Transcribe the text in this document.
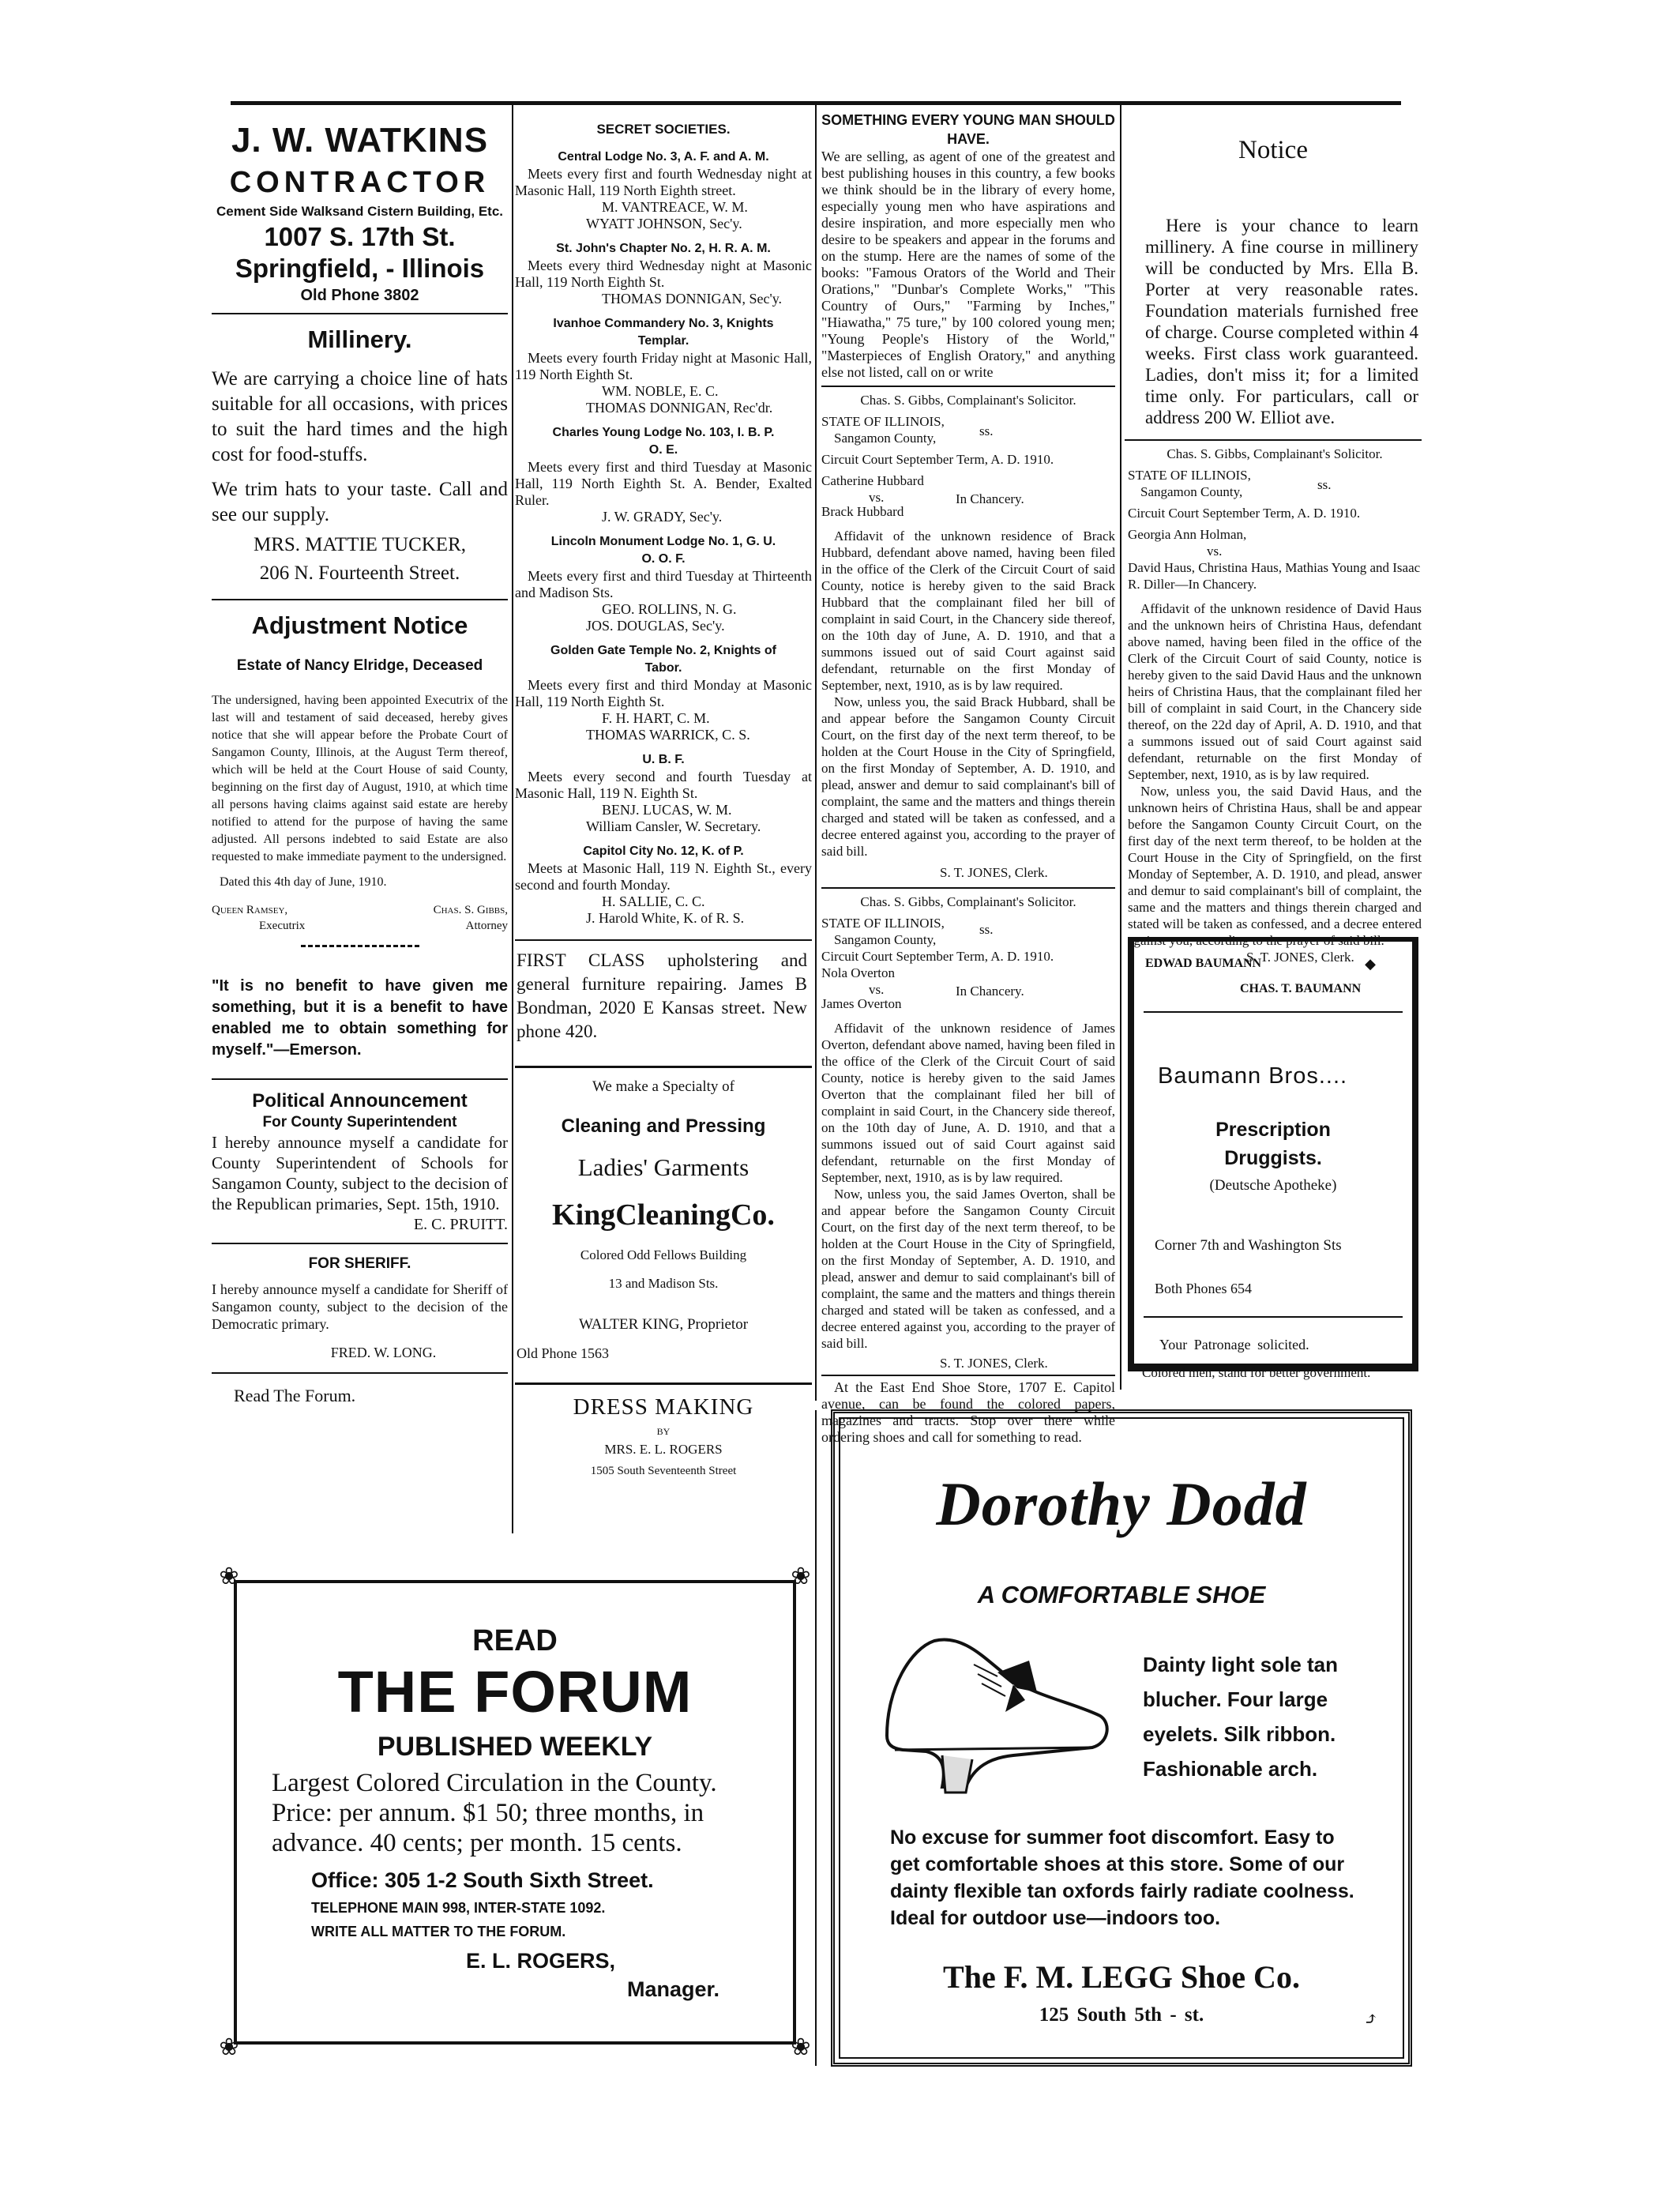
J. W. WATKINS

CONTRACTOR

Cement Side Walksand Cistern Building, Etc.

1007 S. 17th St.

Springfield, - Illinois

Old Phone 3802

Millinery.

We are carrying a choice line of hats suitable for all occasions, with prices to suit the hard times and the high cost for food-stuffs.

We trim hats to your taste. Call and see our supply.

MRS. MATTIE TUCKER,

206 N. Fourteenth Street.

Adjustment Notice

Estate of Nancy Elridge, Deceased

The undersigned, having been appointed Executrix of the last will and testament of said deceased, hereby gives notice that she will appear before the Probate Court of Sangamon County, Illinois, at the August Term thereof, which will be held at the Court House of said County, beginning on the first day of August, 1910, at which time all persons having claims against said estate are hereby notified to attend for the purpose of having the same adjusted. All persons indebted to said Estate are also requested to make immediate payment to the undersigned.

Dated this 4th day of June, 1910.

Queen Ramsey,

Executrix

Chas. S. Gibbs,

Attorney

"It is no benefit to have given me something, but it is a benefit to have enabled me to obtain something for myself."—Emerson.

Political Announcement

For County Superintendent

I hereby announce myself a candidate for County Superintendent of Schools for Sangamon County, subject to the decision of the Republican primaries, Sept. 15th, 1910.

E. C. PRUITT.

FOR SHERIFF.

I hereby announce myself a candidate for Sheriff of Sangamon county, subject to the decision of the Democratic primary.

FRED. W. LONG.

Read The Forum.

SECRET SOCIETIES.

Central Lodge No. 3, A. F. and A. M.

Meets every first and fourth Wednesday night at Masonic Hall, 119 North Eighth street.

M. VANTREACE, W. M.

WYATT JOHNSON, Sec'y.

St. John's Chapter No. 2, H. R. A. M.

Meets every third Wednesday night at Masonic Hall, 119 North Eighth St.

THOMAS DONNIGAN, Sec'y.

Ivanhoe Commandery No. 3, Knights Templar.

Meets every fourth Friday night at Masonic Hall, 119 North Eighth St.

WM. NOBLE, E. C.

THOMAS DONNIGAN, Rec'dr.

Charles Young Lodge No. 103, I. B. P. O. E.

Meets every first and third Tuesday at Masonic Hall, 119 North Eighth St. A. Bender, Exalted Ruler.

J. W. GRADY, Sec'y.

Lincoln Monument Lodge No. 1, G. U. O. O. F.

Meets every first and third Tuesday at Thirteenth and Madison Sts.

GEO. ROLLINS, N. G.

JOS. DOUGLAS, Sec'y.

Golden Gate Temple No. 2, Knights of Tabor.

Meets every first and third Monday at Masonic Hall, 119 North Eighth St.

F. H. HART, C. M.

THOMAS WARRICK, C. S.

U. B. F.

Meets every second and fourth Tuesday at Masonic Hall, 119 N. Eighth St.

BENJ. LUCAS, W. M.

William Cansler, W. Secretary.

Capitol City No. 12, K. of P.

Meets at Masonic Hall, 119 N. Eighth St., every second and fourth Monday.

H. SALLIE, C. C.

J. Harold White, K. of R. S.

FIRST CLASS upholstering and general furniture repairing. James B Bondman, 2020 E Kansas street. New phone 420.

We make a Specialty of

Cleaning and Pressing

Ladies' Garments

KingCleaningCo.

Colored Odd Fellows Building

13 and Madison Sts.

WALTER KING, Proprietor

Old Phone 1563

DRESS MAKING

BY

MRS. E. L. ROGERS

1505 South Seventeenth Street

SOMETHING EVERY YOUNG MAN SHOULD HAVE.

We are selling, as agent of one of the greatest and best publishing houses in this country, a few books we think should be in the library of every home, especially young men who have aspirations and desire inspiration, and more especially men who desire to be speakers and appear in the forums and on the stump. Here are the names of some of the books: "Famous Orators of the World and Their Orations," "Dunbar's Complete Works," "This Country of Ours," "Farming by Inches," "Hiawatha," 75 ture," by 100 colored young men; "Young People's History of the World," "Masterpieces of English Oratory," and anything else not listed, call on or write

Chas. S. Gibbs, Complainant's Solicitor.

STATE OF ILLINOIS,

Sangamon County,	ss.

Circuit Court September Term, A. D. 1910.

Catherine Hubbard

vs.	In Chancery.

Brack Hubbard

Affidavit of the unknown residence of Brack Hubbard, defendant above named, having been filed in the office of the Clerk of the Circuit Court of said County, notice is hereby given to the said Brack Hubbard that the complainant filed her bill of complaint in said Court, in the Chancery side thereof, on the 10th day of June, A. D. 1910, and that a summons issued out of said Court against said defendant, returnable on the first Monday of September, next, 1910, as is by law required.

Now, unless you, the said Brack Hubbard, shall be and appear before the Sangamon County Circuit Court, on the first day of the next term thereof, to be holden at the Court House in the City of Springfield, on the first Monday of September, A. D. 1910, and plead, answer and demur to said complainant's bill of complaint, the same and the matters and things therein charged and stated will be taken as confessed, and a decree entered against you, according to the prayer of said bill.

S. T. JONES, Clerk.

Chas. S. Gibbs, Complainant's Solicitor.

STATE OF ILLINOIS,

Sangamon County,

ss.

Circuit Court September Term, A. D. 1910.

Nola Overton

vs.	In Chancery.

James Overton

Affidavit of the unknown residence of James Overton, defendant above named, having been filed in the office of the Clerk of the Circuit Court of said County, notice is hereby given to the said James Overton that the complainant filed her bill of complaint in said Court, in the Chancery side thereof, on the 10th day of June, A. D. 1910, and that a summons issued out of said Court against said defendant, returnable on the first Monday of September, next, 1910, as is by law required.

Now, unless you, the said James Overton, shall be and appear before the Sangamon County Circuit Court, on the first day of the next term thereof, to be holden at the Court House in the City of Springfield, on the first Monday of September, A. D. 1910, and plead, answer and demur to said complainant's bill of complaint, the same and the matters and things therein charged and stated will be taken as confessed, and a decree entered against you, according to the prayer of said bill.

S. T. JONES, Clerk.

At the East End Shoe Store, 1707 E. Capitol avenue, can be found the colored papers, magazines and tracts. Stop over there while ordering shoes and call for something to read.

Notice

Here is your chance to learn millinery. A fine course in millinery will be conducted by Mrs. Ella B. Porter at very reasonable rates. Foundation materials furnished free of charge. Course completed within 4 weeks. First class work guaranteed. Ladies, don't miss it; for a limited time only. For particulars, call or address 200 W. Elliot ave.

Chas. S. Gibbs, Complainant's Solicitor.

STATE OF ILLINOIS,

Sangamon County,	ss.

Circuit Court September Term, A. D. 1910.

Georgia Ann Holman,

vs.

David Haus, Christina Haus, Mathias Young and Isaac R. Diller—In Chancery.

Affidavit of the unknown residence of David Haus and the unknown heirs of Christina Haus, defendant above named, having been filed in the office of the Clerk of the Circuit Court of said County, notice is hereby given to the said David Haus and the unknown heirs of Christina Haus, that the complainant filed her bill of complaint in said Court, in the Chancery side thereof, on the 22d day of April, A. D. 1910, and that a summons issued out of said Court against said defendant, returnable on the first Monday of September, next, 1910, as is by law required.

Now, unless you, the said David Haus, and the unknown heirs of Christina Haus, shall be and appear before the Sangamon County Circuit Court, on the first day of the next term thereof, to be holden at the Court House in the City of Springfield, on the first Monday of September, A. D. 1910, and plead, answer and demur to said complainant's bill of complaint, the same and the matters and things therein charged and stated will be taken as confessed, and a decree entered against you, according to the prayer of said bill.

S. T. JONES, Clerk.

EDWAD BAUMANN	◆

CHAS. T. BAUMANN

Baumann Bros....

Prescription

Druggists.

(Deutsche Apotheke)

Corner 7th and Washington Sts

Both Phones 654

Your Patronage solicited.

Colored men, stand for better government.

❀	❀
❀	❀

READ

THE FORUM

PUBLISHED WEEKLY

Largest Colored Circulation in the County. Price: per annum. $1 50; three months, in advance. 40 cents; per month. 15 cents.

Office: 305 1-2 South Sixth Street.

TELEPHONE MAIN 998, INTER-STATE 1092.

WRITE ALL MATTER TO THE FORUM.

E. L. ROGERS,

Manager.

Dorothy Dodd

A COMFORTABLE SHOE

Dainty light sole tan blucher. Four large eyelets. Silk ribbon. Fashionable arch.

No excuse for summer foot discomfort. Easy to get comfortable shoes at this store. Some of our dainty flexible tan oxfords fairly radiate coolness. Ideal for outdoor use—indoors too.

The F. M. LEGG Shoe Co.

125 South 5th - st.	⤴
